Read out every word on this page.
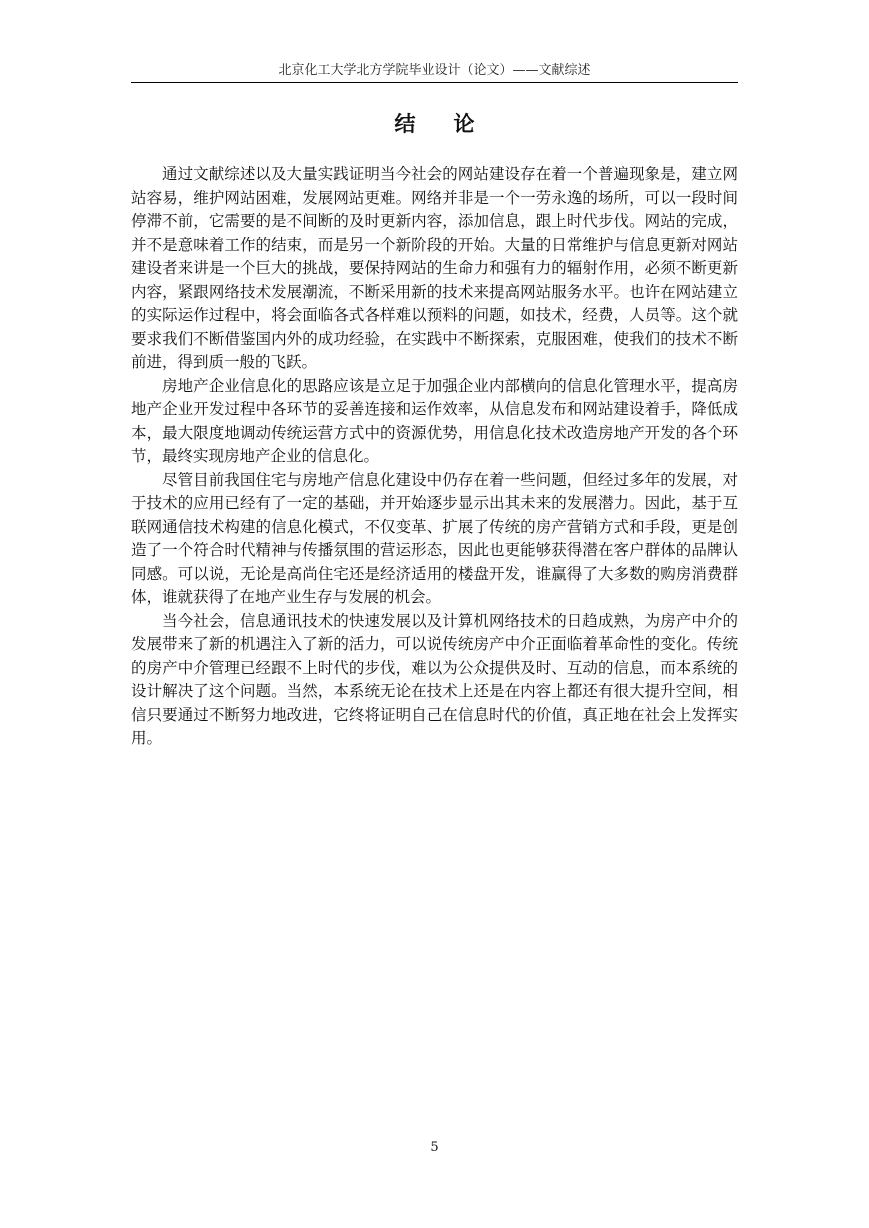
北京化工大学北方学院毕业设计（论文）——文献综述
结 论

通过文献综述以及大量实践证明当今社会的网站建设存在着一个普遍现象是，建立网站容易，维护网站困难，发展网站更难。网络并非是一个一劳永逸的场所，可以一段时间停滞不前，它需要的是不间断的及时更新内容，添加信息，跟上时代步伐。网站的完成，并不是意味着工作的结束，而是另一个新阶段的开始。大量的日常维护与信息更新对网站建设者来讲是一个巨大的挑战，要保持网站的生命力和强有力的辐射作用，必须不断更新内容，紧跟网络技术发展潮流，不断采用新的技术来提高网站服务水平。也许在网站建立的实际运作过程中，将会面临各式各样难以预料的问题，如技术，经费，人员等。这个就要求我们不断借鉴国内外的成功经验，在实践中不断探索，克服困难，使我们的技术不断前进，得到质一般的飞跃。

房地产企业信息化的思路应该是立足于加强企业内部横向的信息化管理水平，提高房地产企业开发过程中各环节的妥善连接和运作效率，从信息发布和网站建设着手，降低成本，最大限度地调动传统运营方式中的资源优势，用信息化技术改造房地产开发的各个环节，最终实现房地产企业的信息化。

尽管目前我国住宅与房地产信息化建设中仍存在着一些问题，但经过多年的发展，对于技术的应用已经有了一定的基础，并开始逐步显示出其未来的发展潜力。因此，基于互联网通信技术构建的信息化模式，不仅变革、扩展了传统的房产营销方式和手段，更是创造了一个符合时代精神与传播氛围的营运形态，因此也更能够获得潜在客户群体的品牌认同感。可以说，无论是高尚住宅还是经济适用的楼盘开发，谁赢得了大多数的购房消费群体，谁就获得了在地产业生存与发展的机会。

当今社会，信息通讯技术的快速发展以及计算机网络技术的日趋成熟，为房产中介的发展带来了新的机遇注入了新的活力，可以说传统房产中介正面临着革命性的变化。传统的房产中介管理已经跟不上时代的步伐，难以为公众提供及时、互动的信息，而本系统的设计解决了这个问题。当然，本系统无论在技术上还是在内容上都还有很大提升空间，相信只要通过不断努力地改进，它终将证明自己在信息时代的价值，真正地在社会上发挥实用。

5
